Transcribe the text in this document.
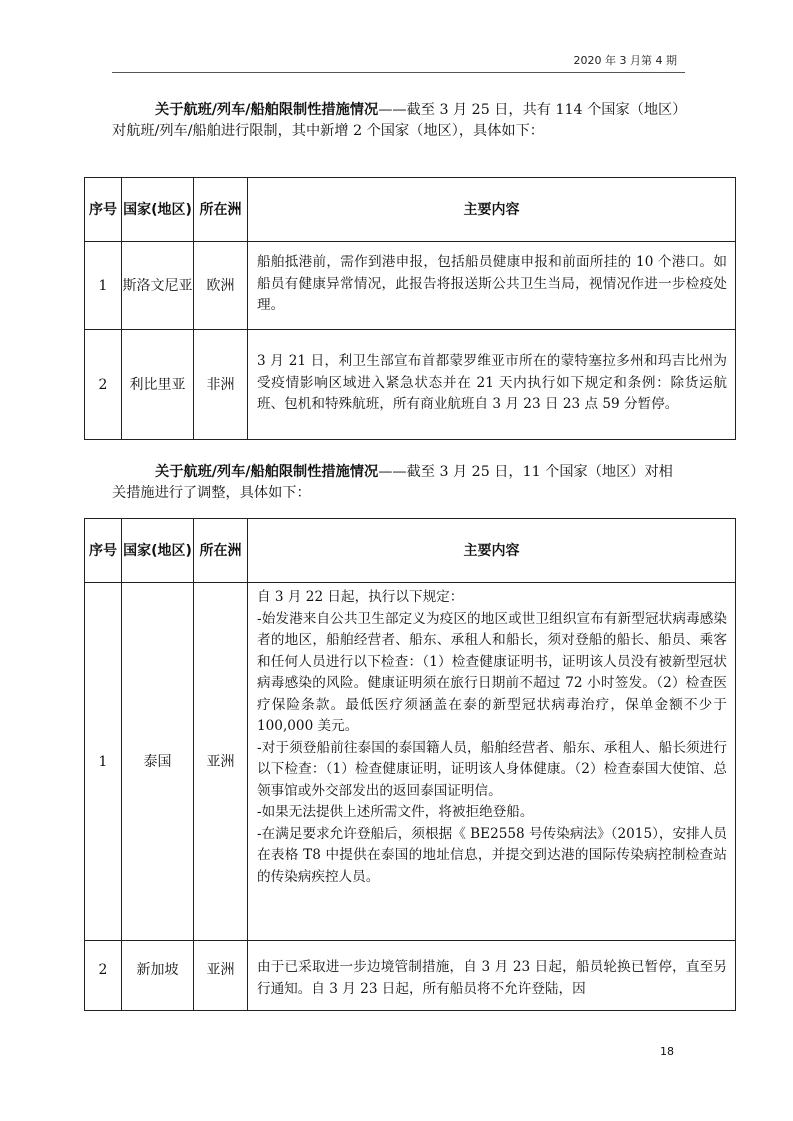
2020 年 3 月第 4 期

关于航班/列车/船舶限制性措施情况——截至 3 月 25 日，共有 114 个国家（地区）对航班/列车/船舶进行限制，其中新增 2 个国家（地区），具体如下：

序号	国家(地区)	所在洲	主要内容
1	斯洛文尼亚	欧洲	船舶抵港前，需作到港申报，包括船员健康申报和前面所挂的 10 个港口。如船员有健康异常情况，此报告将报送斯公共卫生当局，视情况作进一步检疫处理。
2	利比里亚	非洲	3 月 21 日，利卫生部宣布首都蒙罗维亚市所在的蒙特塞拉多州和玛吉比州为受疫情影响区域进入紧急状态并在 21 天内执行如下规定和条例：除货运航班、包机和特殊航班，所有商业航班自 3 月 23 日 23 点 59 分暂停。

关于航班/列车/船舶限制性措施情况——截至 3 月 25 日，11 个国家（地区）对相关措施进行了调整，具体如下：

序号	国家(地区)	所在洲	主要内容
1	泰国	亚洲	自 3 月 22 日起，执行以下规定：
-始发港来自公共卫生部定义为疫区的地区或世卫组织宣布有新型冠状病毒感染者的地区，船舶经营者、船东、承租人和船长，须对登船的船长、船员、乘客和任何人员进行以下检查：（1）检查健康证明书，证明该人员没有被新型冠状病毒感染的风险。健康证明须在旅行日期前不超过 72 小时签发。（2）检查医疗保险条款。最低医疗须涵盖在泰的新型冠状病毒治疗，保单金额不少于 100,000 美元。
-对于须登船前往泰国的泰国籍人员，船舶经营者、船东、承租人、船长须进行以下检查：（1）检查健康证明，证明该人身体健康。（2）检查泰国大使馆、总领事馆或外交部发出的返回泰国证明信。
-如果无法提供上述所需文件，将被拒绝登船。
-在满足要求允许登船后，须根据《 BE2558 号传染病法》（2015），安排人员在表格 T8 中提供在泰国的地址信息，并提交到达港的国际传染病控制检查站的传染病疾控人员。

2	新加坡	亚洲	由于已采取进一步边境管制措施，自 3 月 23 日起，船员轮换已暂停，直至另行通知。自 3 月 23 日起，所有船员将不允许登陆，因
18
